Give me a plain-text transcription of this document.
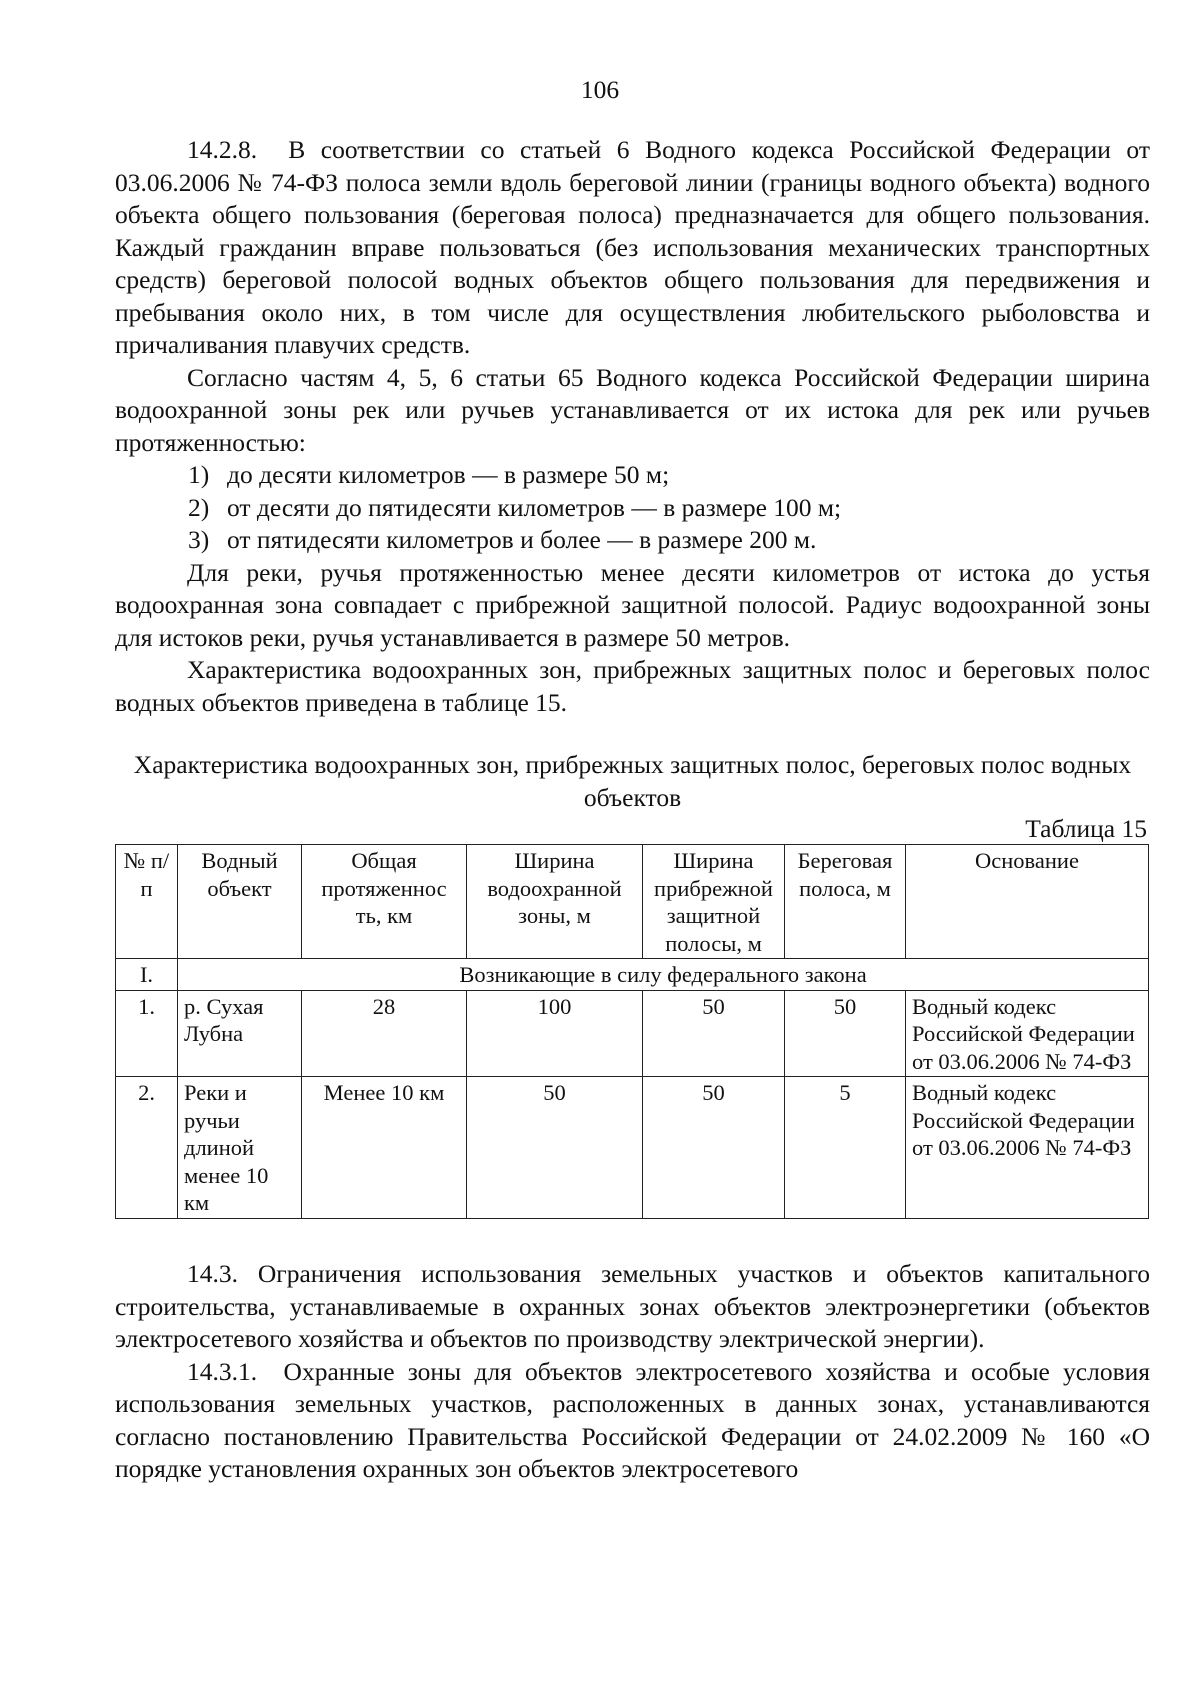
106

14.2.8.  В соответствии со статьей 6 Водного кодекса Российской Федерации от 03.06.2006 № 74-ФЗ полоса земли вдоль береговой линии (границы водного объекта) водного объекта общего пользования (береговая полоса) предназначается для общего пользования. Каждый гражданин вправе пользоваться (без использования механических транспортных средств) береговой полосой водных объектов общего пользования для передвижения и пребывания около них, в том числе для осуществления любительского рыболовства и причаливания плавучих средств.

Согласно частям 4, 5, 6 статьи 65 Водного кодекса Российской Федерации ширина водоохранной зоны рек или ручьев устанавливается от их истока для рек или ручьев протяженностью:

1) до десяти километров — в размере 50 м;
2) от десяти до пятидесяти километров — в размере 100 м;
3) от пятидесяти километров и более — в размере 200 м.

Для реки, ручья протяженностью менее десяти километров от истока до устья водоохранная зона совпадает с прибрежной защитной полосой. Радиус водоохранной зоны для истоков реки, ручья устанавливается в размере 50 метров.

Характеристика водоохранных зон, прибрежных защитных полос и береговых полос водных объектов приведена в таблице 15.

Характеристика водоохранных зон, прибрежных защитных полос, береговых полос водных объектов
Таблица 15
№ п/п	Водный объект	Общая протяженнос ть, км	Ширина водоохранной зоны, м	Ширина прибрежной защитной полосы, м	Береговая полоса, м	Основание
I.	Возникающие в силу федерального закона					
1.	р. Сухая Лубна	28	100	50	50	Водный кодекс Российской Федерации от 03.06.2006 № 74-ФЗ
2.	Реки и ручьи длиной менее 10 км	Менее 10 км	50	50	5	Водный кодекс Российской Федерации от 03.06.2006 № 74-ФЗ

14.3. Ограничения использования земельных участков и объектов капитального строительства, устанавливаемые в охранных зонах объектов электроэнергетики (объектов электросетевого хозяйства и объектов по производству электрической энергии).

14.3.1.  Охранные зоны для объектов электросетевого хозяйства и особые условия использования земельных участков, расположенных в данных зонах, устанавливаются согласно постановлению Правительства Российской Федерации от 24.02.2009 № 160 «О порядке установления охранных зон объектов электросетевого
